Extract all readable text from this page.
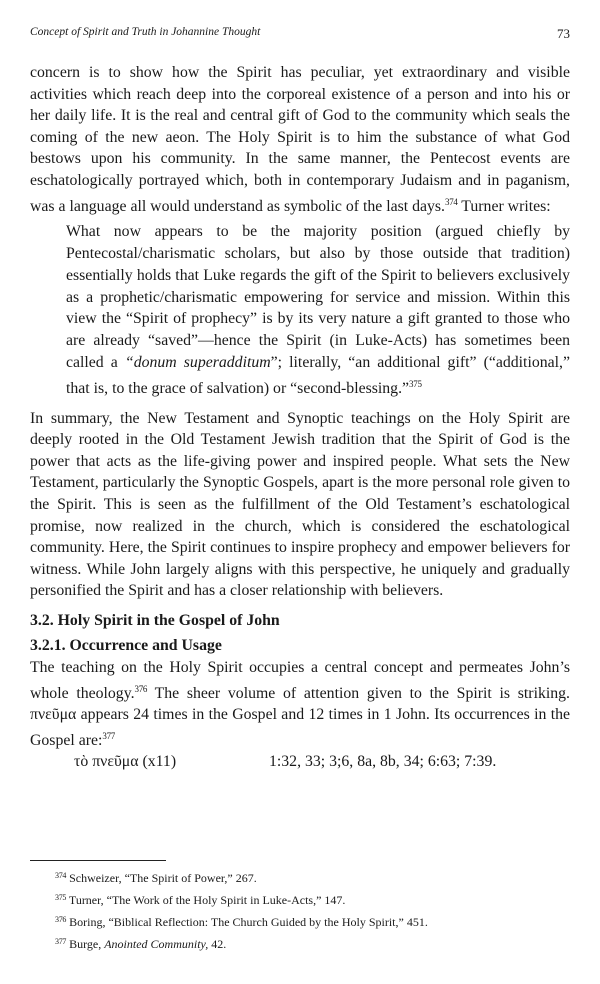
Concept of Spirit and Truth in Johannine Thought	73

concern is to show how the Spirit has peculiar, yet extraordinary and visible activities which reach deep into the corporeal existence of a person and into his or her daily life. It is the real and central gift of God to the community which seals the coming of the new aeon. The Holy Spirit is to him the substance of what God bestows upon his community. In the same manner, the Pentecost events are eschatologically portrayed which, both in contemporary Judaism and in paganism, was a language all would understand as symbolic of the last days.$^{374}$ Turner writes:

What now appears to be the majority position (argued chiefly by Pentecostal/charismatic scholars, but also by those outside that tradition) essentially holds that Luke regards the gift of the Spirit to believers exclusively as a prophetic/charismatic empowering for service and mission. Within this view the “Spirit of prophecy” is by its very nature a gift granted to those who are already “saved”—hence the Spirit (in Luke-Acts) has sometimes been called a “donum superadditum”; literally, “an additional gift” (“additional,” that is, to the grace of salvation) or “second-blessing.”$^{375}$

In summary, the New Testament and Synoptic teachings on the Holy Spirit are deeply rooted in the Old Testament Jewish tradition that the Spirit of God is the power that acts as the life-giving power and inspired people. What sets the New Testament, particularly the Synoptic Gospels, apart is the more personal role given to the Spirit. This is seen as the fulfillment of the Old Testament’s eschatological promise, now realized in the church, which is considered the eschatological community. Here, the Spirit continues to inspire prophecy and empower believers for witness. While John largely aligns with this perspective, he uniquely and gradually personified the Spirit and has a closer relationship with believers.

3.2. Holy Spirit in the Gospel of John

3.2.1. Occurrence and Usage

The teaching on the Holy Spirit occupies a central concept and permeates John’s whole theology.$^{376}$ The sheer volume of attention given to the Spirit is striking. πνεῦμα appears 24 times in the Gospel and 12 times in 1 John. Its occurrences in the Gospel are:$^{377}$

τὸ πνεῦμα (x11)	1:32, 33; 3;6, 8a, 8b, 34; 6:63; 7:39.
$^{374}$ Schweizer, “The Spirit of Power,” 267.
$^{375}$ Turner, “The Work of the Holy Spirit in Luke-Acts,” 147.
$^{376}$ Boring, “Biblical Reflection: The Church Guided by the Holy Spirit,” 451.
$^{377}$ Burge, Anointed Community, 42.
